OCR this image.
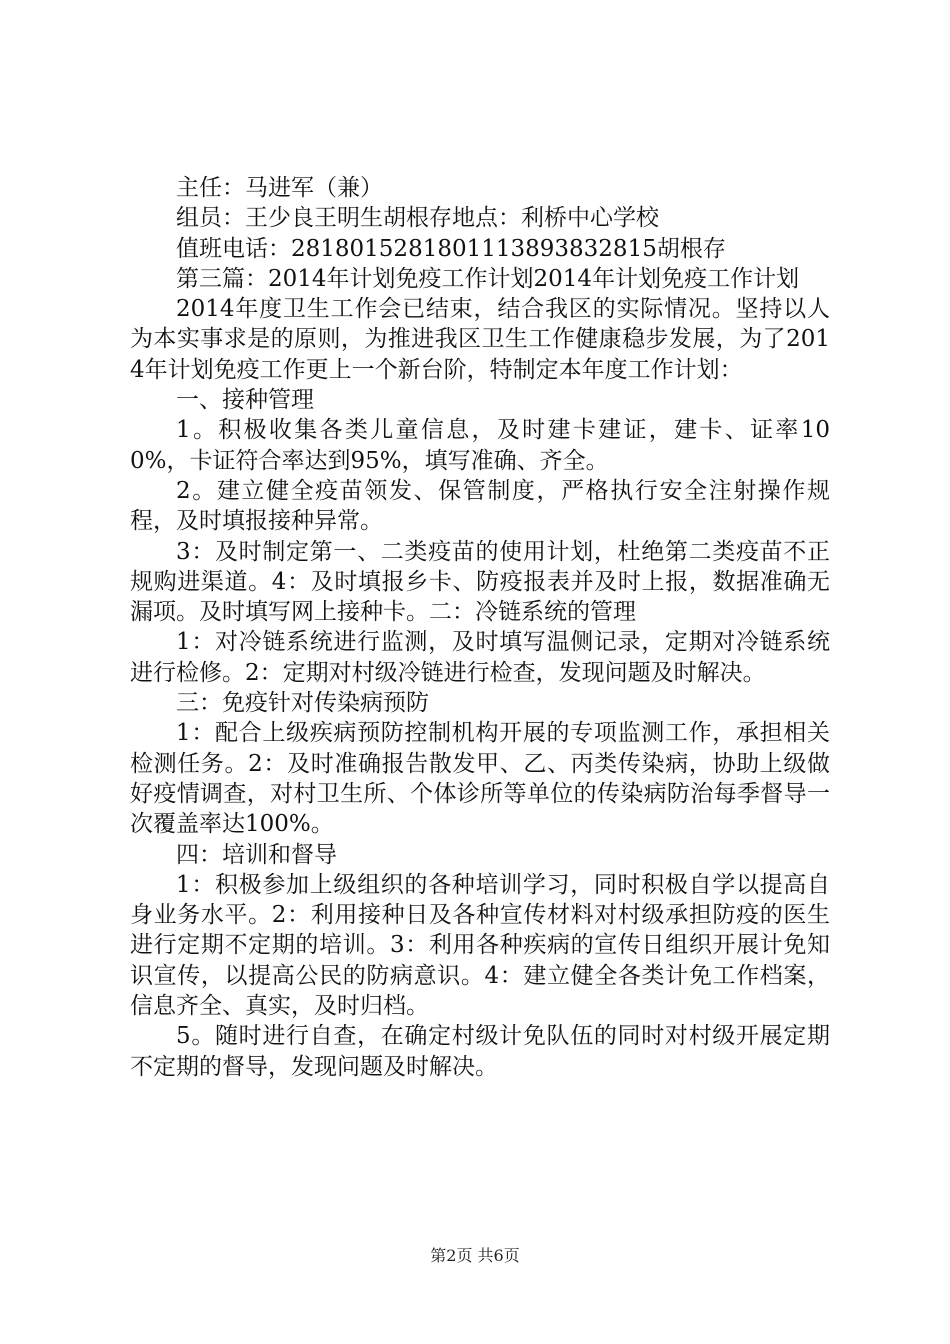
主任：马进军（兼）

组员：王少良王明生胡根存地点：利桥中心学校

值班电话：2818015281801113893832815胡根存

第三篇：2014年计划免疫工作计划2014年计划免疫工作计划

2014年度卫生工作会已结束，结合我区的实际情况。坚持以人为本实事求是的原则，为推进我区卫生工作健康稳步发展，为了2014年计划免疫工作更上一个新台阶，特制定本年度工作计划：

一、接种管理

1。积极收集各类儿童信息，及时建卡建证，建卡、证率100%，卡证符合率达到95%，填写准确、齐全。

2。建立健全疫苗领发、保管制度，严格执行安全注射操作规程，及时填报接种异常。

3：及时制定第一、二类疫苗的使用计划，杜绝第二类疫苗不正规购进渠道。4：及时填报乡卡、防疫报表并及时上报，数据准确无漏项。及时填写网上接种卡。二：冷链系统的管理

1：对冷链系统进行监测，及时填写温侧记录，定期对冷链系统进行检修。2：定期对村级冷链进行检查，发现问题及时解决。

三：免疫针对传染病预防

1：配合上级疾病预防控制机构开展的专项监测工作，承担相关检测任务。2：及时准确报告散发甲、乙、丙类传染病，协助上级做好疫情调查，对村卫生所、个体诊所等单位的传染病防治每季督导一次覆盖率达100%。

四：培训和督导

1：积极参加上级组织的各种培训学习，同时积极自学以提高自身业务水平。2：利用接种日及各种宣传材料对村级承担防疫的医生进行定期不定期的培训。3：利用各种疾病的宣传日组织开展计免知识宣传，以提高公民的防病意识。4：建立健全各类计免工作档案，信息齐全、真实，及时归档。

5。随时进行自查，在确定村级计免队伍的同时对村级开展定期不定期的督导，发现问题及时解决。

第2页 共6页
